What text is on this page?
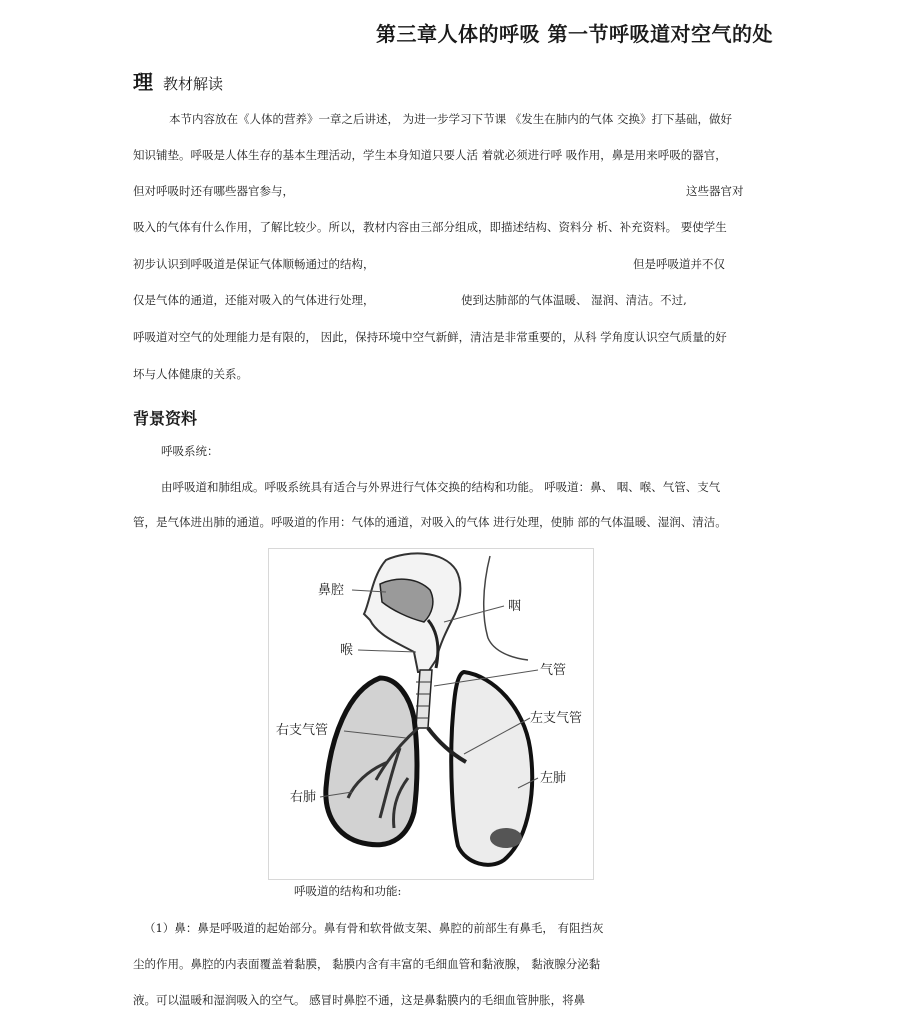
第三章人体的呼吸 第一节呼吸道对空气的处
理 教材解读
本节内容放在《人体的营养》一章之后讲述， 为进一步学习下节课 《发生在肺内的气体 交换》打下基础，做好
知识铺垫。呼吸是人体生存的基本生理活动，学生本身知道只要人活 着就必须进行呼 吸作用，鼻是用来呼吸的器官，
但对呼吸时还有哪些器官参与，	这些器官对
吸入的气体有什么作用，了解比较少。所以，教材内容由三部分组成，即描述结构、资料分 析、补充资料。 要使学生
初步认识到呼吸道是保证气体顺畅通过的结构，	但是呼吸道并不仅
仅是气体的通道，还能对吸入的气体进行处理，	使到达肺部的气体温暖、 湿润、清洁。不过,
呼吸道对空气的处理能力是有限的， 因此，保持环境中空气新鲜，清洁是非常重要的，从科 学角度认识空气质量的好
坏与人体健康的关系。
背景资料
呼吸系统：
由呼吸道和肺组成。呼吸系统具有适合与外界进行气体交换的结构和功能。 呼吸道：鼻、 咽、喉、气管、支气
管，是气体进出肺的通道。呼吸道的作用：气体的通道，对吸入的气体 进行处理，使肺 部的气体温暖、湿润、清洁。
鼻腔
咽
喉
气管
右支气管
左支气管
右肺
左肺
呼吸道的结构和功能:
（1）鼻：鼻是呼吸道的起始部分。鼻有骨和软骨做支架、鼻腔的前部生有鼻毛， 有阻挡灰
尘的作用。鼻腔的内表面覆盖着黏膜， 黏膜内含有丰富的毛细血管和黏液腺， 黏液腺分泌黏
液。可以温暖和湿润吸入的空气。 感冒时鼻腔不通，这是鼻黏膜内的毛细血管肿胀，将鼻
